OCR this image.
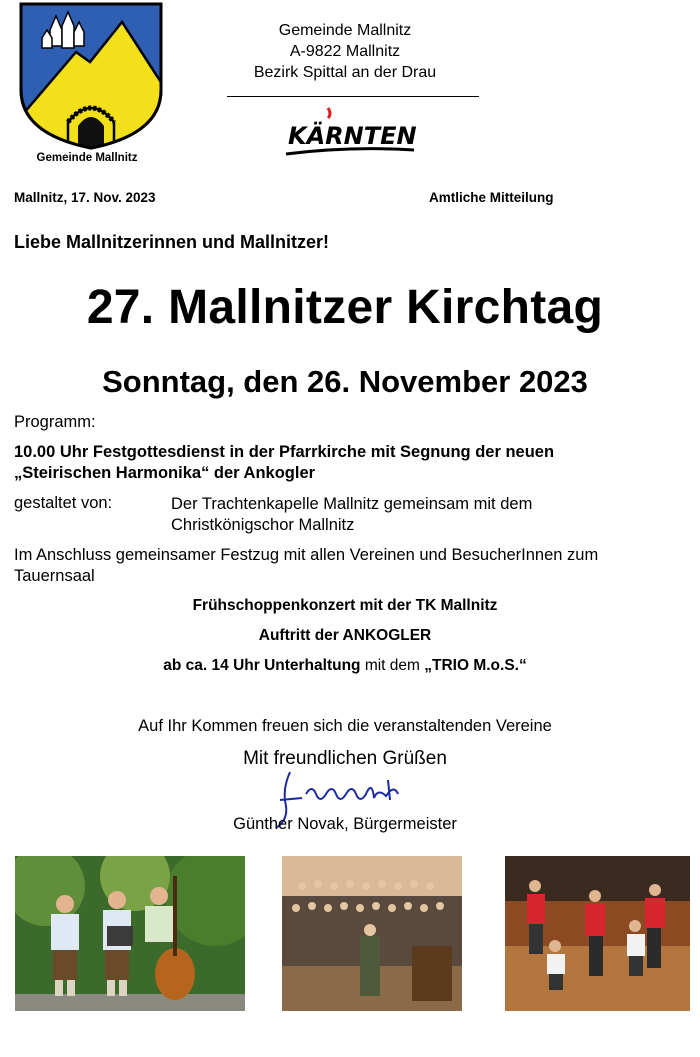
Gemeinde Mallnitz
Gemeinde Mallnitz
A-9822 Mallnitz
Bezirk Spittal an der Drau
KÄRNTEN
Mallnitz, 17. Nov. 2023	Amtliche Mitteilung
Liebe Mallnitzerinnen und Mallnitzer!
27. Mallnitzer Kirchtag
Sonntag, den 26. November 2023
Programm:
10.00 Uhr Festgottesdienst in der Pfarrkirche mit Segnung der neuen
„Steirischen Harmonika“ der Ankogler
gestaltet von:	Der Trachtenkapelle Mallnitz gemeinsam mit dem
Christkönigschor Mallnitz
Im Anschluss gemeinsamer Festzug mit allen Vereinen und BesucherInnen zum
Tauernsaal
Frühschoppenkonzert mit der TK Mallnitz
Auftritt der ANKOGLER
ab ca. 14 Uhr Unterhaltung mit dem „TRIO M.o.S.“
Auf Ihr Kommen freuen sich die veranstaltenden Vereine
Mit freundlichen Grüßen
Günther Novak, Bürgermeister
